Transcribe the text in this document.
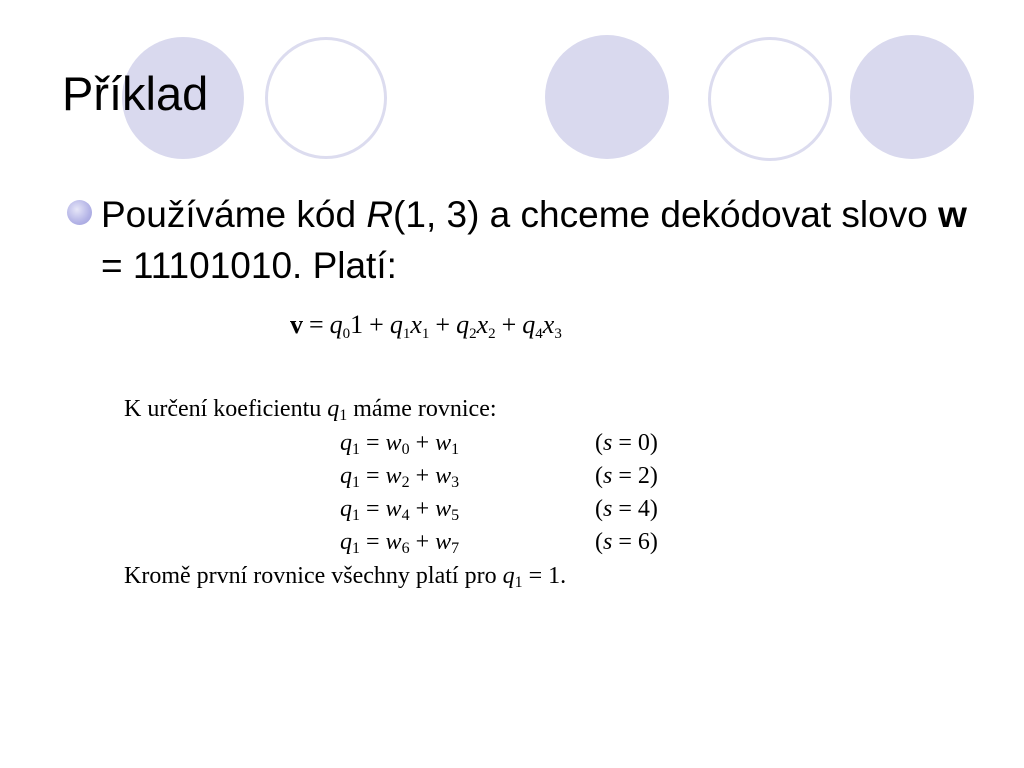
Příklad
Používáme kód R(1, 3) a chceme dekódovat slovo w = 11101010. Platí:
$v = q_01 + q_1x_1 + q_2x_2 + q_4x_3$
K určení koeficientu $q_1$ máme rovnice:
$q_1 = w_0 + w_1$	(s = 0)
$q_1 = w_2 + w_3$	(s = 2)
$q_1 = w_4 + w_5$	(s = 4)
$q_1 = w_6 + w_7$	(s = 6)
Kromě první rovnice všechny platí pro $q_1 = 1$.
